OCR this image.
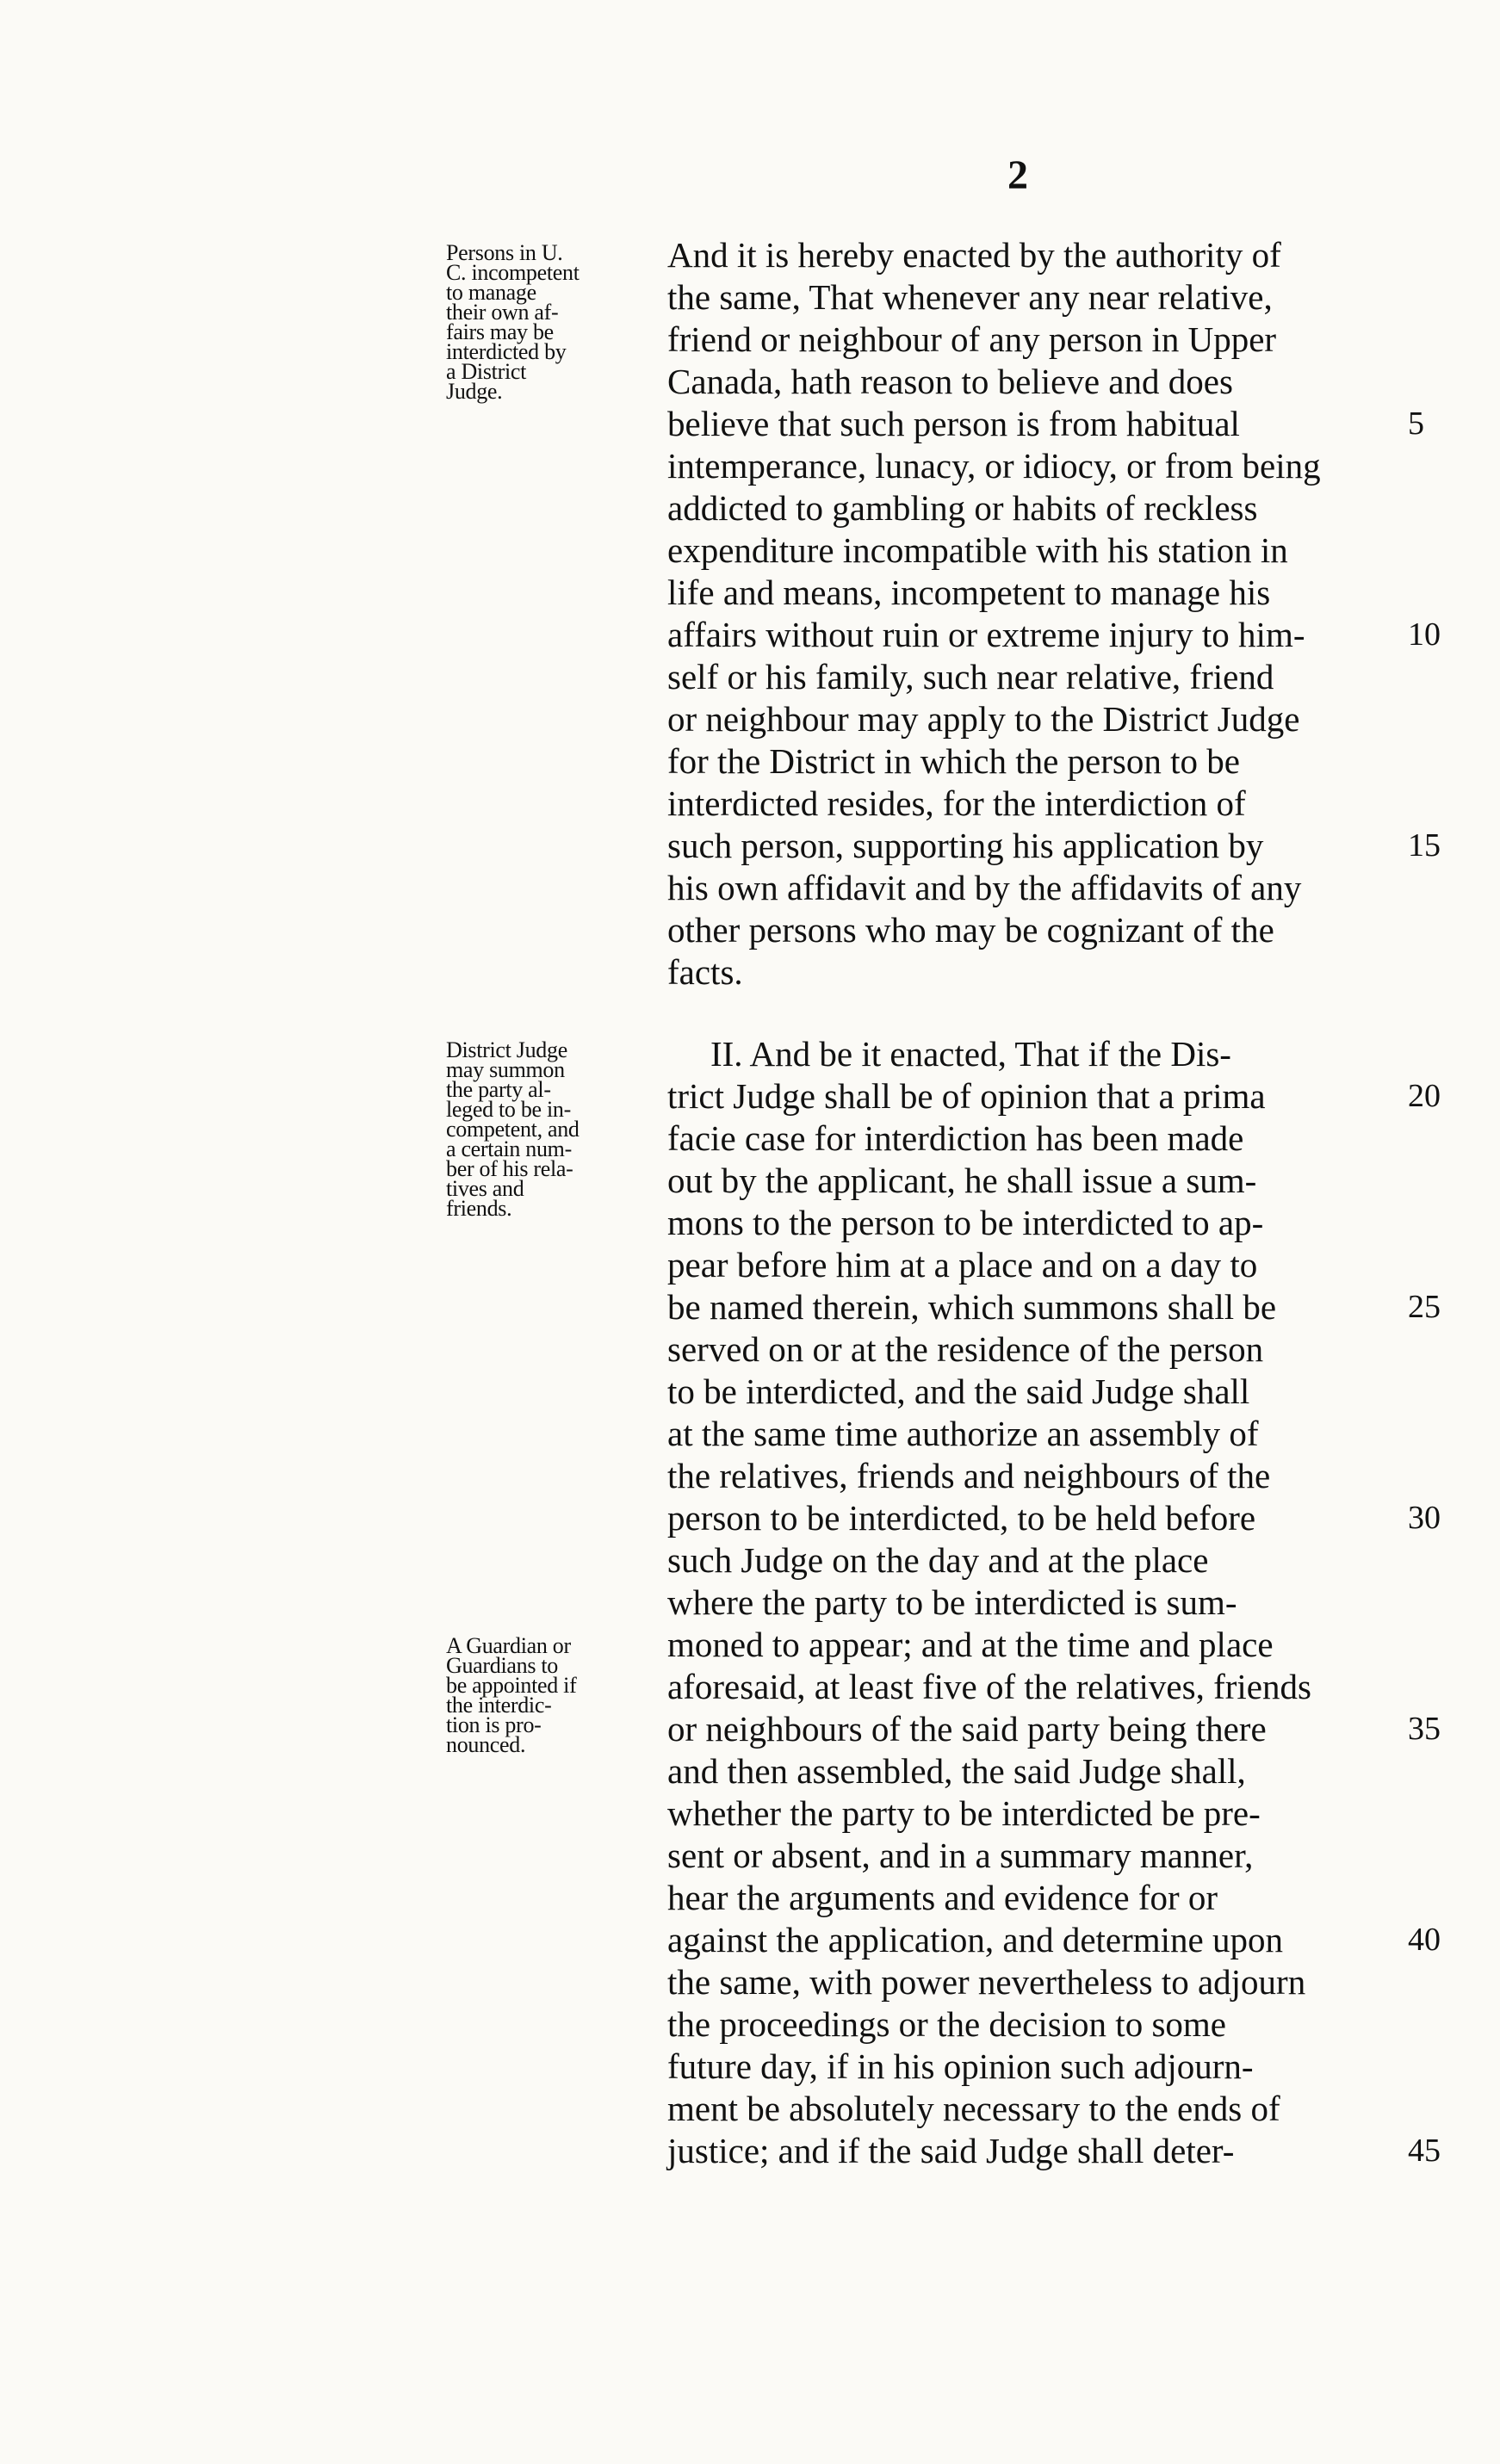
2
Persons in U.
C. incompetent
to manage
their own af-
fairs may be
interdicted by
a District
Judge.
District Judge
may summon
the party al-
leged to be in-
competent, and
a certain num-
ber of his rela-
tives and
friends.
A Guardian or
Guardians to
be appointed if
the interdic-
tion is pro-
nounced.
And it is hereby enacted by the authority of
the same, That whenever any near relative,
friend or neighbour of any person in Upper
Canada, hath reason to believe and does
believe that such person is from habitual	5
intemperance, lunacy, or idiocy, or from being
addicted to gambling or habits of reckless
expenditure incompatible with his station in
life and means, incompetent to manage his
affairs without ruin or extreme injury to him-	10
self or his family, such near relative, friend
or neighbour may apply to the District Judge
for the District in which the person to be
interdicted resides, for the interdiction of
such person, supporting his application by	15
his own affidavit and by the affidavits of any
other persons who may be cognizant of the
facts.
II. And be it enacted, That if the Dis-
trict Judge shall be of opinion that a prima	20
facie case for interdiction has been made
out by the applicant, he shall issue a sum-
mons to the person to be interdicted to ap-
pear before him at a place and on a day to
be named therein, which summons shall be	25
served on or at the residence of the person
to be interdicted, and the said Judge shall
at the same time authorize an assembly of
the relatives, friends and neighbours of the
person to be interdicted, to be held before	30
such Judge on the day and at the place
where the party to be interdicted is sum-
moned to appear; and at the time and place
aforesaid, at least five of the relatives, friends
or neighbours of the said party being there	35
and then assembled, the said Judge shall,
whether the party to be interdicted be pre-
sent or absent, and in a summary manner,
hear the arguments and evidence for or
against the application, and determine upon	40
the same, with power nevertheless to adjourn
the proceedings or the decision to some
future day, if in his opinion such adjourn-
ment be absolutely necessary to the ends of
justice; and if the said Judge shall deter-	45
